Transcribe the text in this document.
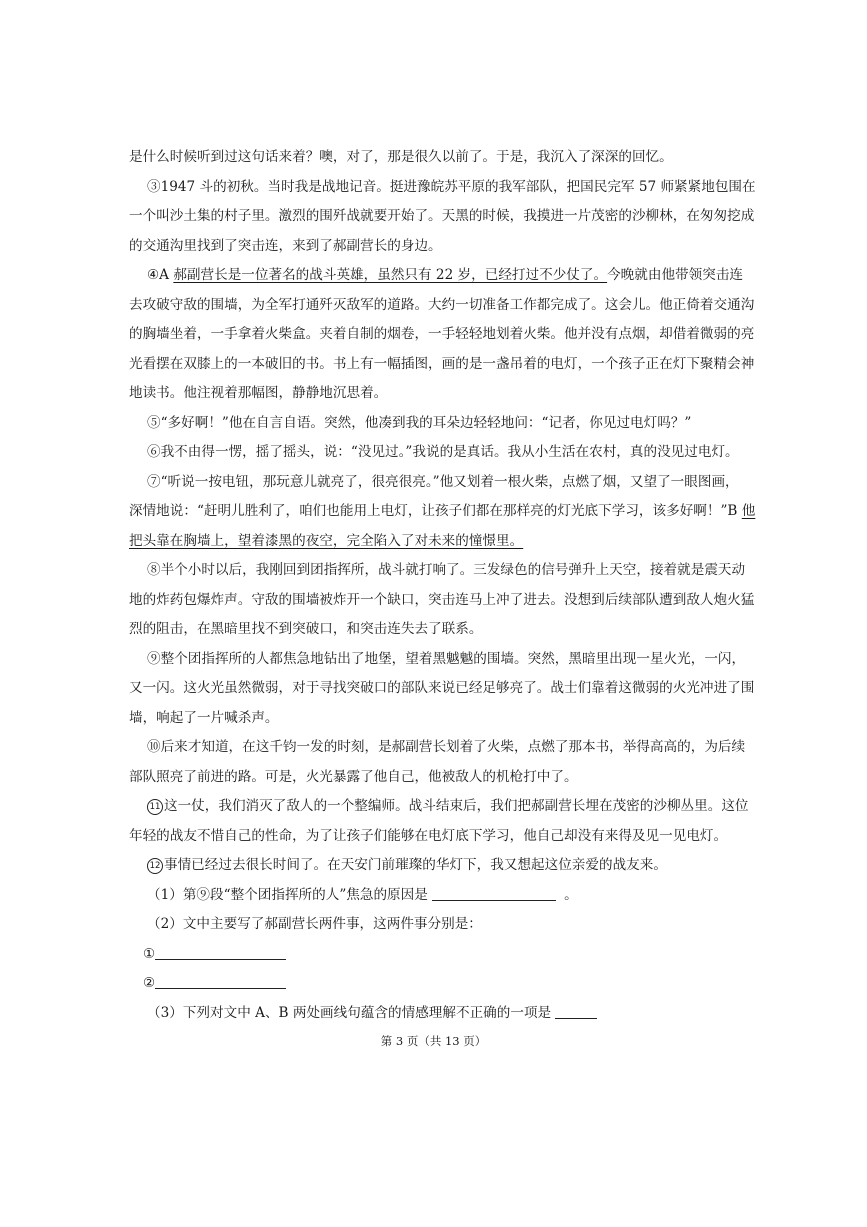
是什么时候听到过这句话来着？噢，对了，那是很久以前了。于是，我沉入了深深的回忆。
③1947 斗的初秋。当时我是战地记音。挺进豫皖苏平原的我军部队，把国民完军 57 师紧紧地包围在
一个叫沙土集的村子里。激烈的围歼战就要开始了。天黑的时候，我摸进一片茂密的沙柳林，在匆匆挖成
的交通沟里找到了突击连，来到了郝副营长的身边。
④A 郝副营长是一位著名的战斗英雄，虽然只有 22 岁，已经打过不少仗了。今晚就由他带领突击连
去攻破守敌的围墙，为全军打通歼灭敌军的道路。大约一切准备工作都完成了。这会儿。他正倚着交通沟
的胸墙坐着，一手拿着火柴盒。夹着自制的烟卷，一手轻轻地划着火柴。他并没有点烟，却借着微弱的亮
光看摆在双膝上的一本破旧的书。书上有一幅插图，画的是一盏吊着的电灯，一个孩子正在灯下聚精会神
地读书。他注视着那幅图，静静地沉思着。
⑤“多好啊！”他在自言自语。突然，他凑到我的耳朵边轻轻地问：“记者，你见过电灯吗？”
⑥我不由得一愣，摇了摇头，说：“没见过。”我说的是真话。我从小生活在农村，真的没见过电灯。
⑦“听说一按电钮，那玩意儿就亮了，很亮很亮。”他又划着一根火柴，点燃了烟，又望了一眼图画，
深情地说：“赶明儿胜利了，咱们也能用上电灯，让孩子们都在那样亮的灯光底下学习，该多好啊！”B 他
把头靠在胸墙上，望着漆黑的夜空，完全陷入了对未来的憧憬里。
⑧半个小时以后，我刚回到团指挥所，战斗就打响了。三发绿色的信号弹升上天空，接着就是震天动
地的炸药包爆炸声。守敌的围墙被炸开一个缺口，突击连马上冲了进去。没想到后续部队遭到敌人炮火猛
烈的阻击，在黑暗里找不到突破口，和突击连失去了联系。
⑨整个团指挥所的人都焦急地钻出了地堡，望着黑魆魆的围墙。突然，黑暗里出现一星火光，一闪，
又一闪。这火光虽然微弱，对于寻找突破口的部队来说已经足够亮了。战士们靠着这微弱的火光冲进了围
墙，响起了一片喊杀声。
⑩后来才知道，在这千钧一发的时刻，是郝副营长划着了火柴，点燃了那本书，举得高高的，为后续
部队照亮了前进的路。可是，火光暴露了他自己，他被敌人的机枪打中了。
11 这一仗，我们消灭了敌人的一个整编师。战斗结束后，我们把郝副营长埋在茂密的沙柳丛里。这位
年轻的战友不惜自己的性命，为了让孩子们能够在电灯底下学习，他自己却没有来得及见一见电灯。
12 事情已经过去很长时间了。在天安门前璀璨的华灯下，我又想起这位亲爱的战友来。
（1）第⑨段“整个团指挥所的人”焦急的原因是	。
（2）文中主要写了郝副营长两件事，这两件事分别是：
①
②
（3）下列对文中 A、B 两处画线句蕴含的情感理解不正确的一项是
第 3 页（共 13 页）
